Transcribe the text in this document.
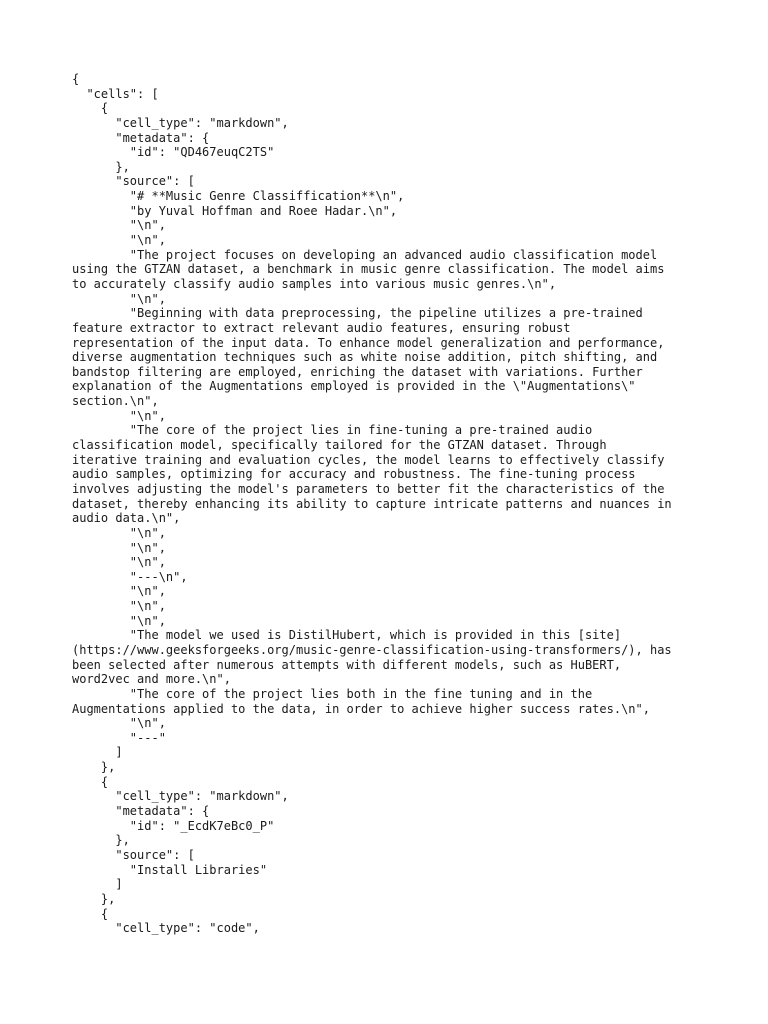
{
"cells": [
{
"cell_type": "markdown",
"metadata": {
"id": "QD467euqC2TS"
},
"source": [
"# **Music Genre Classiffication**\n",
"by Yuval Hoffman and Roee Hadar.\n",
"\n",
"\n",
"The project focuses on developing an advanced audio classification model
using the GTZAN dataset, a benchmark in music genre classification. The model aims
to accurately classify audio samples into various music genres.\n",
"\n",
"Beginning with data preprocessing, the pipeline utilizes a pre-trained
feature extractor to extract relevant audio features, ensuring robust
representation of the input data. To enhance model generalization and performance,
diverse augmentation techniques such as white noise addition, pitch shifting, and
bandstop filtering are employed, enriching the dataset with variations. Further
explanation of the Augmentations employed is provided in the \"Augmentations\"
section.\n",
"\n",
"The core of the project lies in fine-tuning a pre-trained audio
classification model, specifically tailored for the GTZAN dataset. Through
iterative training and evaluation cycles, the model learns to effectively classify
audio samples, optimizing for accuracy and robustness. The fine-tuning process
involves adjusting the model's parameters to better fit the characteristics of the
dataset, thereby enhancing its ability to capture intricate patterns and nuances in
audio data.\n",
"\n",
"\n",
"\n",
"---\n",
"\n",
"\n",
"\n",
"The model we used is DistilHubert, which is provided in this [site]
(https://www.geeksforgeeks.org/music-genre-classification-using-transformers/), has
been selected after numerous attempts with different models, such as HuBERT,
word2vec and more.\n",
"The core of the project lies both in the fine tuning and in the
Augmentations applied to the data, in order to achieve higher success rates.\n",
"\n",
"---"
]
},
{
"cell_type": "markdown",
"metadata": {
"id": "_EcdK7eBc0_P"
},
"source": [
"Install Libraries"
]
},
{
"cell_type": "code",
